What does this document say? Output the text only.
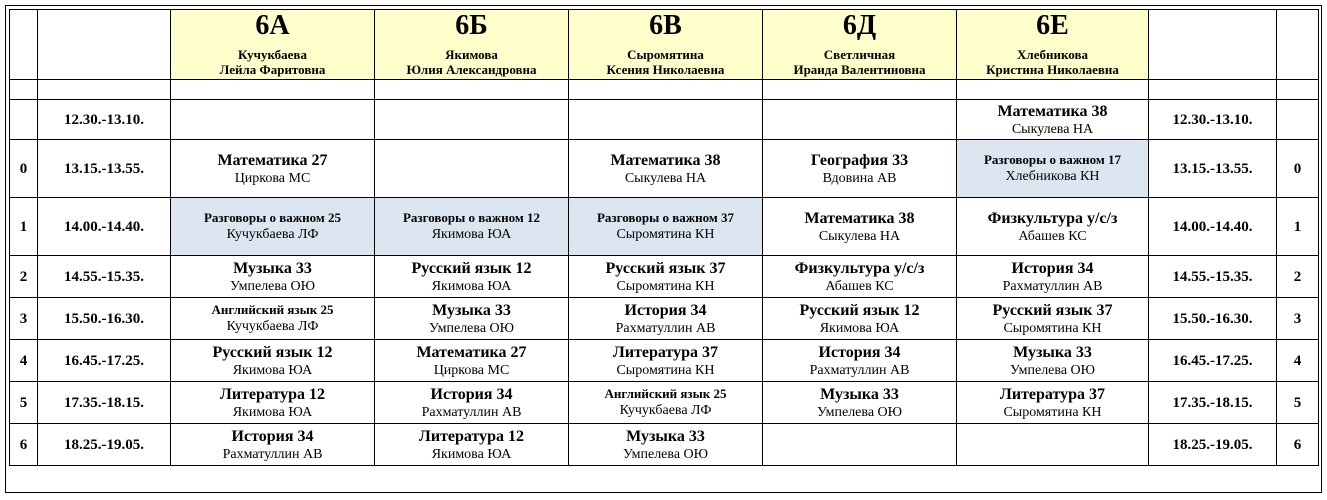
		6А
Кучукбаева
Лейла Фаритовна	6Б
Якимова
Юлия Александровна	6В
Сыромятина
Ксения Николаевна	6Д
Светличная
Ираида Валентиновна	6Е
Хлебникова
Кристина Николаевна		

	12.30.-13.10.					Математика 38
Сыкулева НА	12.30.-13.10.	
0	13.15.-13.55.	Математика 27
Циркова МС		Математика 38
Сыкулева НА	География 33
Вдовина АВ	Разговоры о важном 17
Хлебникова КН	13.15.-13.55.	0
1	14.00.-14.40.	Разговоры о важном 25
Кучукбаева ЛФ	Разговоры о важном 12
Якимова ЮА	Разговоры о важном 37
Сыромятина КН	Математика 38
Сыкулева НА	Физкультура у/с/з
Абашев КС	14.00.-14.40.	1
2	14.55.-15.35.	Музыка 33
Умпелева ОЮ	Русский язык 12
Якимова ЮА	Русский язык 37
Сыромятина КН	Физкультура у/с/з
Абашев КС	История 34
Рахматуллин АВ	14.55.-15.35.	2
3	15.50.-16.30.	Английский язык 25
Кучукбаева ЛФ	Музыка 33
Умпелева ОЮ	История 34
Рахматуллин АВ	Русский язык 12
Якимова ЮА	Русский язык 37
Сыромятина КН	15.50.-16.30.	3
4	16.45.-17.25.	Русский язык 12
Якимова ЮА	Математика 27
Циркова МС	Литература 37
Сыромятина КН	История 34
Рахматуллин АВ	Музыка 33
Умпелева ОЮ	16.45.-17.25.	4
5	17.35.-18.15.	Литература 12
Якимова ЮА	История 34
Рахматуллин АВ	Английский язык 25
Кучукбаева ЛФ	Музыка 33
Умпелева ОЮ	Литература 37
Сыромятина КН	17.35.-18.15.	5
6	18.25.-19.05.	История 34
Рахматуллин АВ	Литература 12
Якимова ЮА	Музыка 33
Умпелева ОЮ			18.25.-19.05.	6
